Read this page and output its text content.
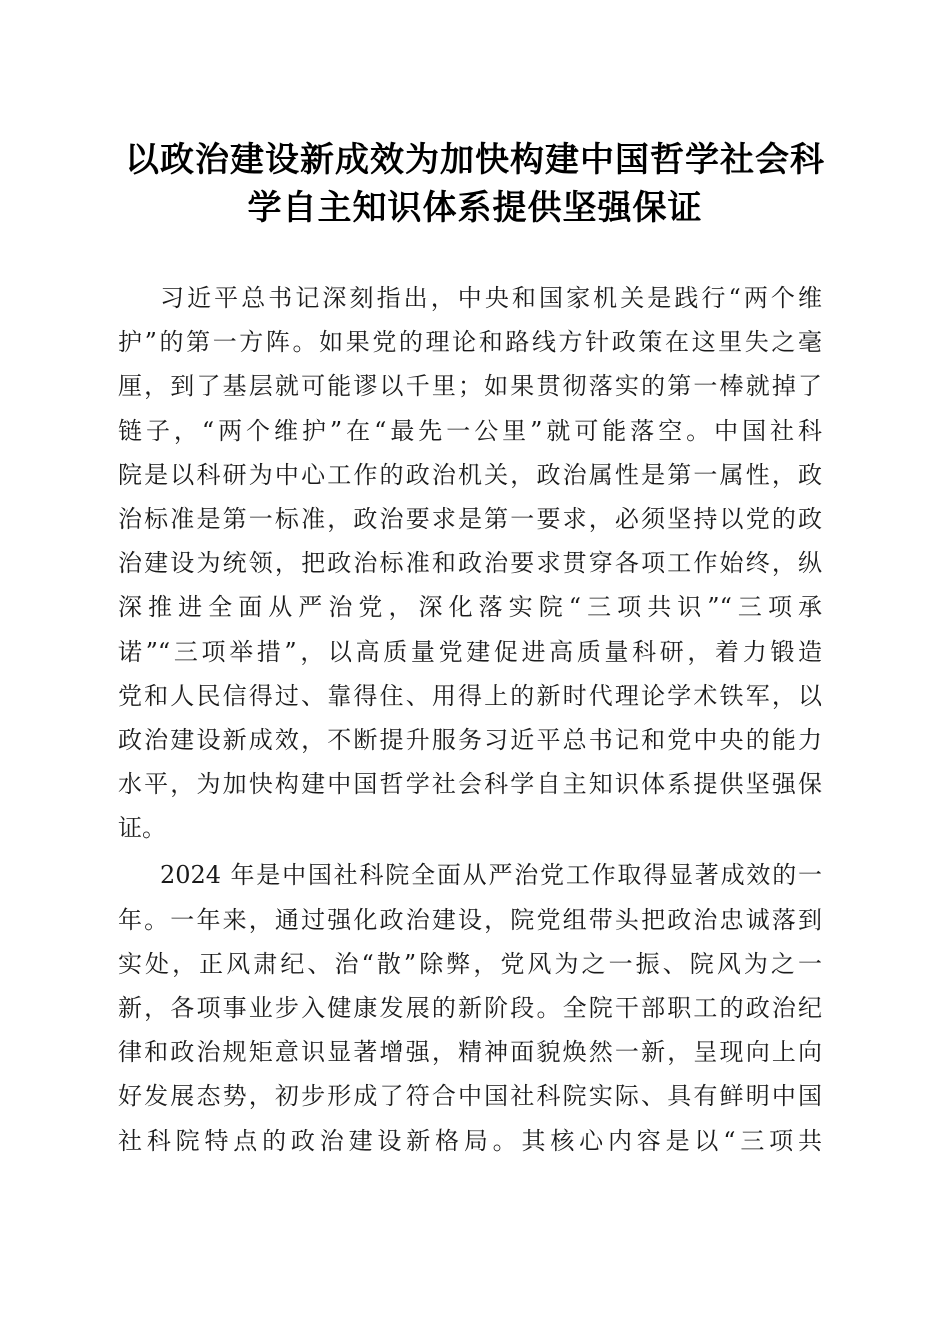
以政治建设新成效为加快构建中国哲学社会科
学自主知识体系提供坚强保证
习近平总书记深刻指出，中央和国家机关是践行“两个维
护”的第一方阵。如果党的理论和路线方针政策在这里失之毫
厘，到了基层就可能谬以千里；如果贯彻落实的第一棒就掉了
链子，“两个维护”在“最先一公里”就可能落空。中国社科
院是以科研为中心工作的政治机关，政治属性是第一属性，政
治标准是第一标准，政治要求是第一要求，必须坚持以党的政
治建设为统领，把政治标准和政治要求贯穿各项工作始终，纵
深推进全面从严治党，深化落实院“三项共识”“三项承
诺”“三项举措”，以高质量党建促进高质量科研，着力锻造
党和人民信得过、靠得住、用得上的新时代理论学术铁军，以
政治建设新成效，不断提升服务习近平总书记和党中央的能力
水平，为加快构建中国哲学社会科学自主知识体系提供坚强保
证。
2024 年是中国社科院全面从严治党工作取得显著成效的一
年。一年来，通过强化政治建设，院党组带头把政治忠诚落到
实处，正风肃纪、治“散”除弊，党风为之一振、院风为之一
新，各项事业步入健康发展的新阶段。全院干部职工的政治纪
律和政治规矩意识显著增强，精神面貌焕然一新，呈现向上向
好发展态势，初步形成了符合中国社科院实际、具有鲜明中国
社科院特点的政治建设新格局。其核心内容是以“三项共
